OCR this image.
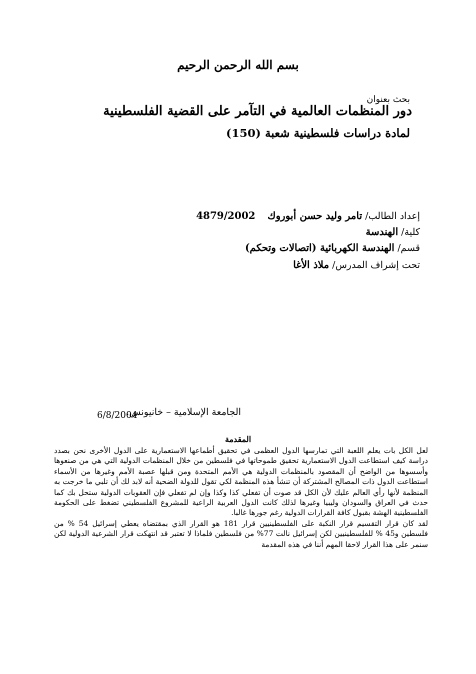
بسم الله الرحمن الرحيم
بحث بعنوان
دور المنظمات العالمية في التآمر على القضية الفلسطينية
لمادة دراسات فلسطينية شعبة (150)
إعداد الطالب/ تامر وليد حسن أبوروك    4879/2002
كلية/ الهندسة
قسم/ الهندسة الكهربائية (اتصالات وتحكم)
تحت إشراف المدرس/ ملاذ الأغا
الجامعة الإسلامية – خانيونس.
6/8/2004
المقدمة

لعل الكل بات يعلم اللعبة التي تمارسها الدول العظمى في تحقيق أطماعها الاستعمارية على الدول الأخرى نحن بصدد دراسة كيف استطاعت الدول الاستعمارية تحقيق طموحاتها في فلسطين من خلال المنظمات الدولية التي هي من صنعوها وأسسوها من الواضح أن المقصود بالمنظمات الدولية هي الأمم المتحدة ومن قبلها عصبة الأمم وغيرها من الأسماء استطاعت الدول ذات المصالح المشتركة أن تنشأ هذه المنظمة لكي تقول للدولة الضحية أنه لابد لك أن تلبي ما خرجت به المنظمة لأنها رأي العالم عليك لأن الكل قد صوت أن تفعلي كذا وكذا وإن لم تفعلي فإن العقوبات الدولية ستحل بك كما حدث في العراق والسودان وليبيا وغيرها لذلك كانت الدول العربية الراعية للمشروع الفلسطيني تضغط على الحكومة الفلسطينية الهشة بقبول كافة القرارات الدولية رغم جورها غالبا.

لقد كان قرار التقسيم قرار النكبة على الفلسطينيين قرار 181 هو القرار الذي بمقتضاه يعطي إسرائيل 54 % من فلسطين و45 % للفلسطينيين لكن إسرائيل نالت 77% من فلسطين فلماذا لا تعتبر قد انتهكت قرار الشرعية الدولية لكن سنمر على هذا القرار لاحقا المهم أننا في هذه المقدمة
